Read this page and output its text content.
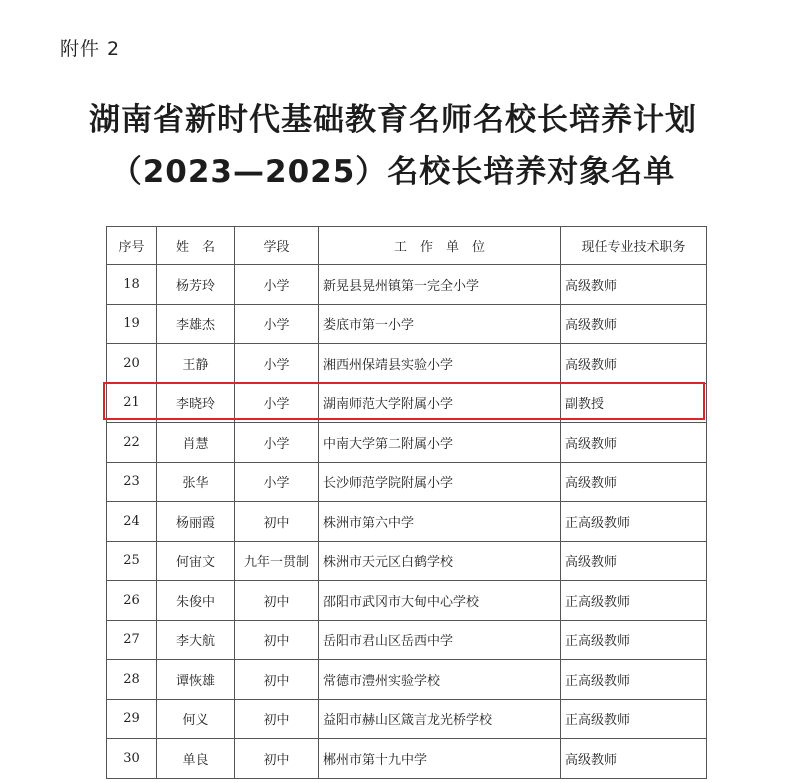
附件 2
湖南省新时代基础教育名师名校长培养计划
（2023—2025）名校长培养对象名单
序号	姓　名	学段	工　作　单　位	现任专业技术职务
18	杨芳玲	小学	新晃县晃州镇第一完全小学	高级教师
19	李雄杰	小学	娄底市第一小学	高级教师
20	王静	小学	湘西州保靖县实验小学	高级教师
21	李晓玲	小学	湖南师范大学附属小学	副教授
22	肖慧	小学	中南大学第二附属小学	高级教师
23	张华	小学	长沙师范学院附属小学	高级教师
24	杨丽霞	初中	株洲市第六中学	正高级教师
25	何宙文	九年一贯制	株洲市天元区白鹤学校	高级教师
26	朱俊中	初中	邵阳市武冈市大甸中心学校	正高级教师
27	李大航	初中	岳阳市君山区岳西中学	正高级教师
28	谭恢雄	初中	常德市澧州实验学校	正高级教师
29	何义	初中	益阳市赫山区箴言龙光桥学校	正高级教师
30	单良	初中	郴州市第十九中学	高级教师
